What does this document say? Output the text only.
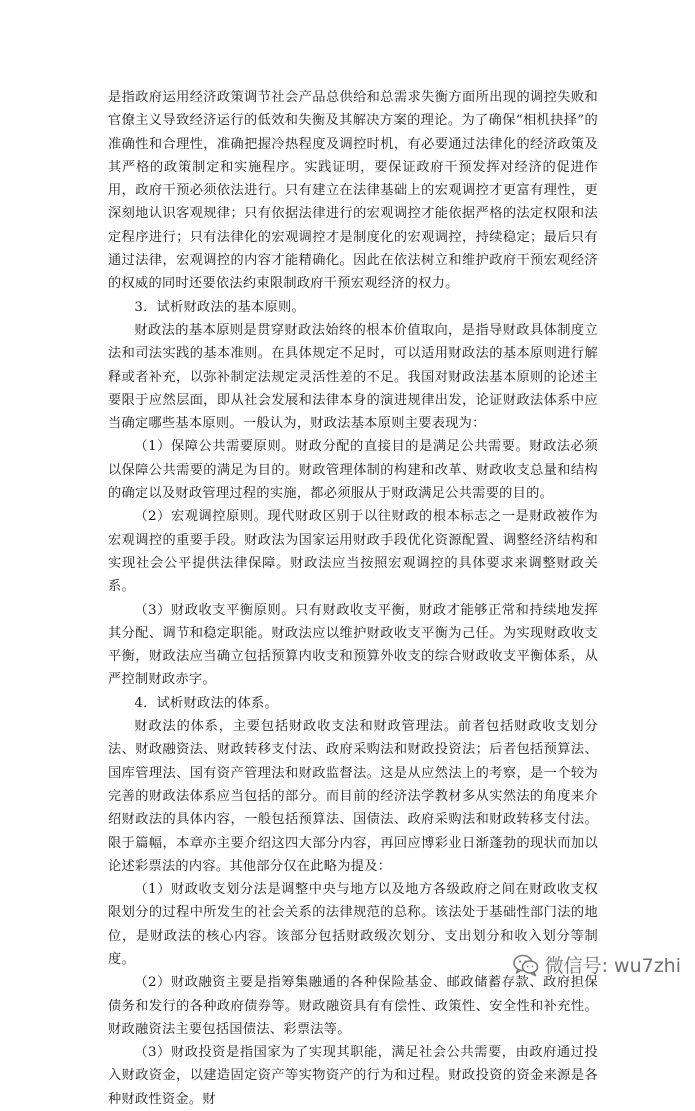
是指政府运用经济政策调节社会产品总供给和总需求失衡方面所出现的调控失败和官僚主义导致经济运行的低效和失衡及其解决方案的理论。为了确保“相机抉择”的准确性和合理性，准确把握冷热程度及调控时机，有必要通过法律化的经济政策及其严格的政策制定和实施程序。实践证明，要保证政府干预发挥对经济的促进作用，政府干预必须依法进行。只有建立在法律基础上的宏观调控才更富有理性，更深刻地认识客观规律；只有依据法律进行的宏观调控才能依据严格的法定权限和法定程序进行；只有法律化的宏观调控才是制度化的宏观调控，持续稳定；最后只有通过法律，宏观调控的内容才能精确化。因此在依法树立和维护政府干预宏观经济的权威的同时还要依法约束限制政府干预宏观经济的权力。

3．试析财政法的基本原则。

财政法的基本原则是贯穿财政法始终的根本价值取向，是指导财政具体制度立法和司法实践的基本准则。在具体规定不足时，可以适用财政法的基本原则进行解释或者补充，以弥补制定法规定灵活性差的不足。我国对财政法基本原则的论述主要限于应然层面，即从社会发展和法律本身的演进规律出发，论证财政法体系中应当确定哪些基本原则。一般认为，财政法基本原则主要表现为：

（1）保障公共需要原则。财政分配的直接目的是满足公共需要。财政法必须以保障公共需要的满足为目的。财政管理体制的构建和改革、财政收支总量和结构的确定以及财政管理过程的实施，都必须服从于财政满足公共需要的目的。

（2）宏观调控原则。现代财政区别于以往财政的根本标志之一是财政被作为宏观调控的重要手段。财政法为国家运用财政手段优化资源配置、调整经济结构和实现社会公平提供法律保障。财政法应当按照宏观调控的具体要求来调整财政关系。

（3）财政收支平衡原则。只有财政收支平衡，财政才能够正常和持续地发挥其分配、调节和稳定职能。财政法应以维护财政收支平衡为己任。为实现财政收支平衡，财政法应当确立包括预算内收支和预算外收支的综合财政收支平衡体系，从严控制财政赤字。

4．试析财政法的体系。

财政法的体系，主要包括财政收支法和财政管理法。前者包括财政收支划分法、财政融资法、财政转移支付法、政府采购法和财政投资法；后者包括预算法、国库管理法、国有资产管理法和财政监督法。这是从应然法上的考察，是一个较为完善的财政法体系应当包括的部分。而目前的经济法学教材多从实然法的角度来介绍财政法的具体内容，一般包括预算法、国债法、政府采购法和财政转移支付法。限于篇幅，本章亦主要介绍这四大部分内容，再回应博彩业日渐蓬勃的现状而加以论述彩票法的内容。其他部分仅在此略为提及：

（1）财政收支划分法是调整中央与地方以及地方各级政府之间在财政收支权限划分的过程中所发生的社会关系的法律规范的总称。该法处于基础性部门法的地位，是财政法的核心内容。该部分包括财政级次划分、支出划分和收入划分等制度。

（2）财政融资主要是指筹集融通的各种保险基金、邮政储蓄存款、政府担保债务和发行的各种政府债券等。财政融资具有有偿性、政策性、安全性和补充性。财政融资法主要包括国债法、彩票法等。

（3）财政投资是指国家为了实现其职能，满足社会公共需要，由政府通过投入财政资金，以建造固定资产等实物资产的行为和过程。财政投资的资金来源是各种财政性资金。财

微信号: wu7zhi
